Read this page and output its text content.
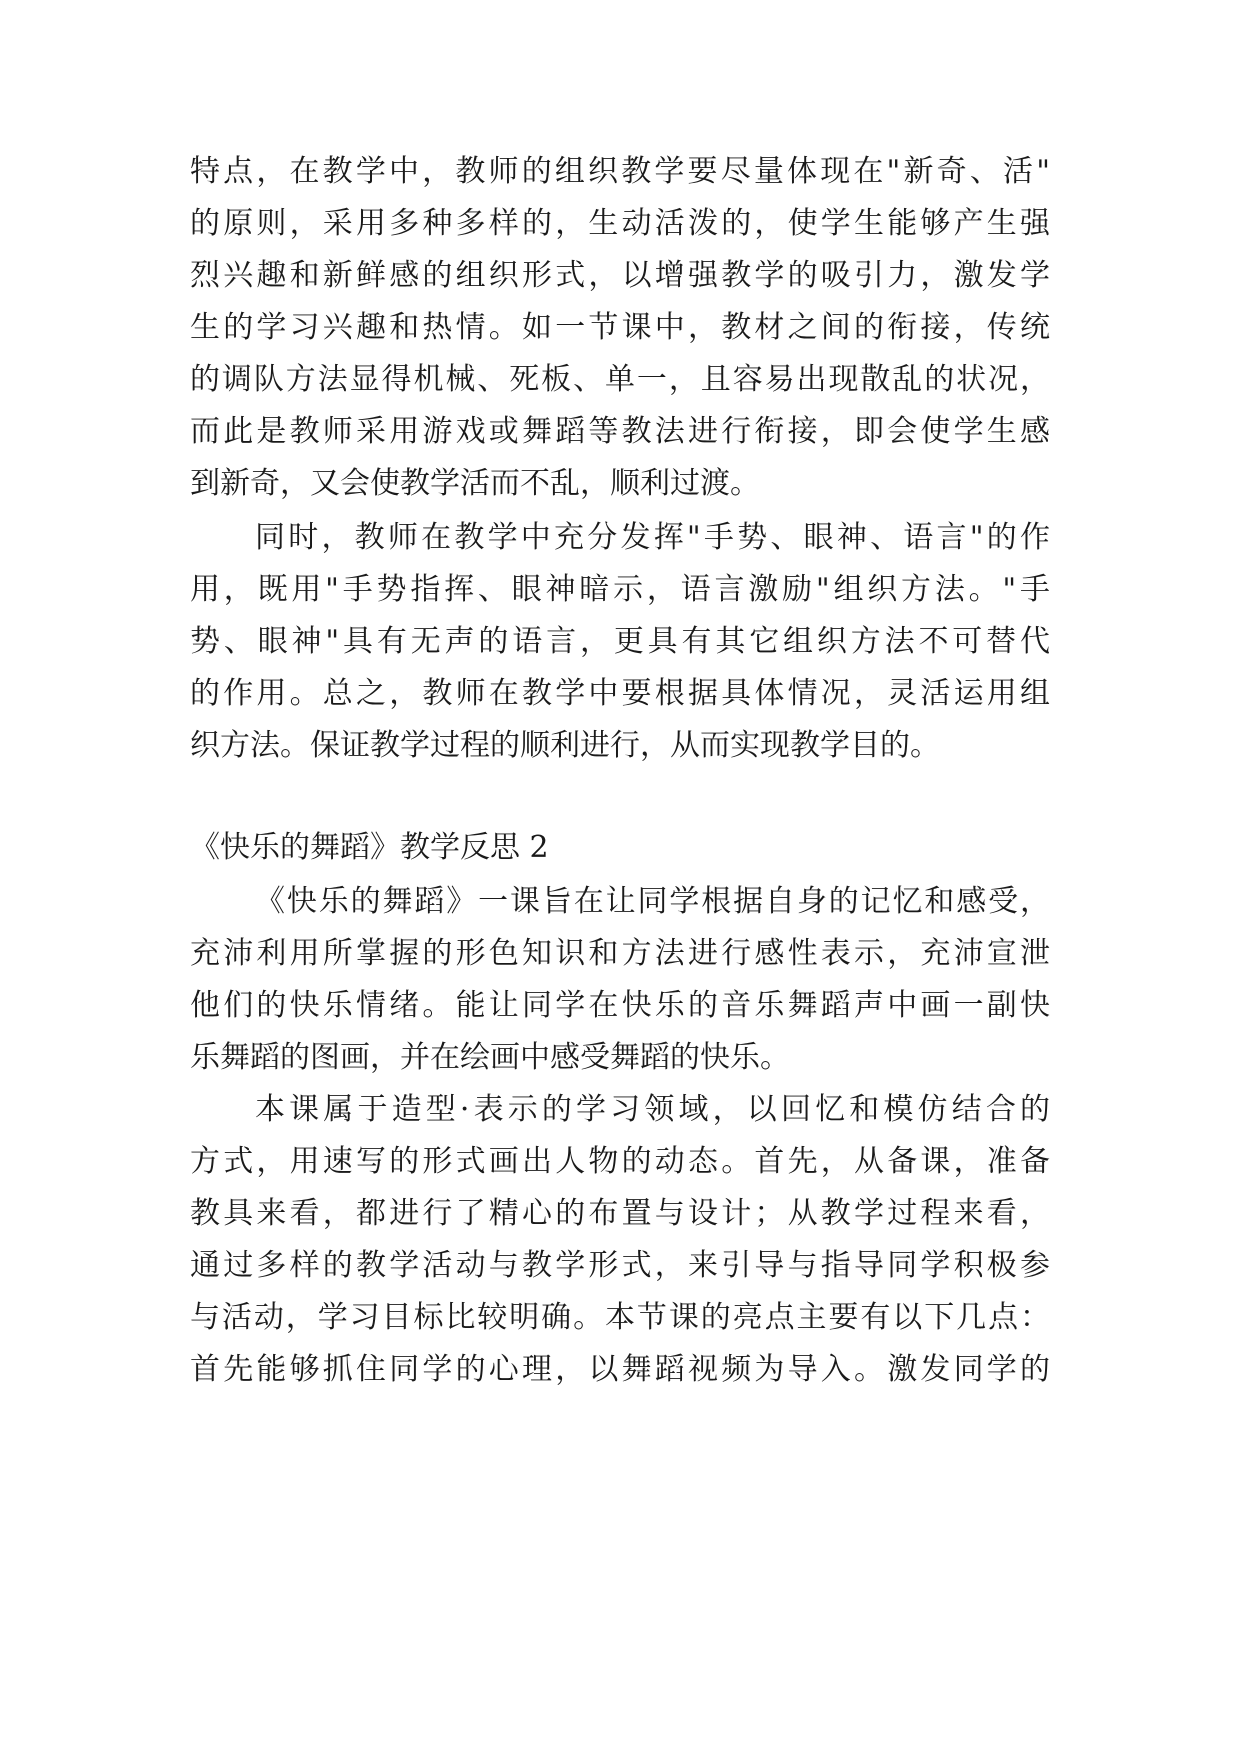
特点，在教学中，教师的组织教学要尽量体现在"新奇、活"
的原则，采用多种多样的，生动活泼的，使学生能够产生强
烈兴趣和新鲜感的组织形式，以增强教学的吸引力，激发学
生的学习兴趣和热情。如一节课中，教材之间的衔接，传统
的调队方法显得机械、死板、单一，且容易出现散乱的状况，
而此是教师采用游戏或舞蹈等教法进行衔接，即会使学生感
到新奇，又会使教学活而不乱，顺利过渡。
同时，教师在教学中充分发挥"手势、眼神、语言"的作
用，既用"手势指挥、眼神暗示，语言激励"组织方法。"手
势、眼神"具有无声的语言，更具有其它组织方法不可替代
的作用。总之，教师在教学中要根据具体情况，灵活运用组
织方法。保证教学过程的顺利进行，从而实现教学目的。
《快乐的舞蹈》教学反思 2
《快乐的舞蹈》一课旨在让同学根据自身的记忆和感受，
充沛利用所掌握的形色知识和方法进行感性表示，充沛宣泄
他们的快乐情绪。能让同学在快乐的音乐舞蹈声中画一副快
乐舞蹈的图画，并在绘画中感受舞蹈的快乐。
本课属于造型·表示的学习领域，以回忆和模仿结合的
方式，用速写的形式画出人物的动态。首先，从备课，准备
教具来看，都进行了精心的布置与设计；从教学过程来看，
通过多样的教学活动与教学形式，来引导与指导同学积极参
与活动，学习目标比较明确。本节课的亮点主要有以下几点：
首先能够抓住同学的心理，以舞蹈视频为导入。激发同学的
